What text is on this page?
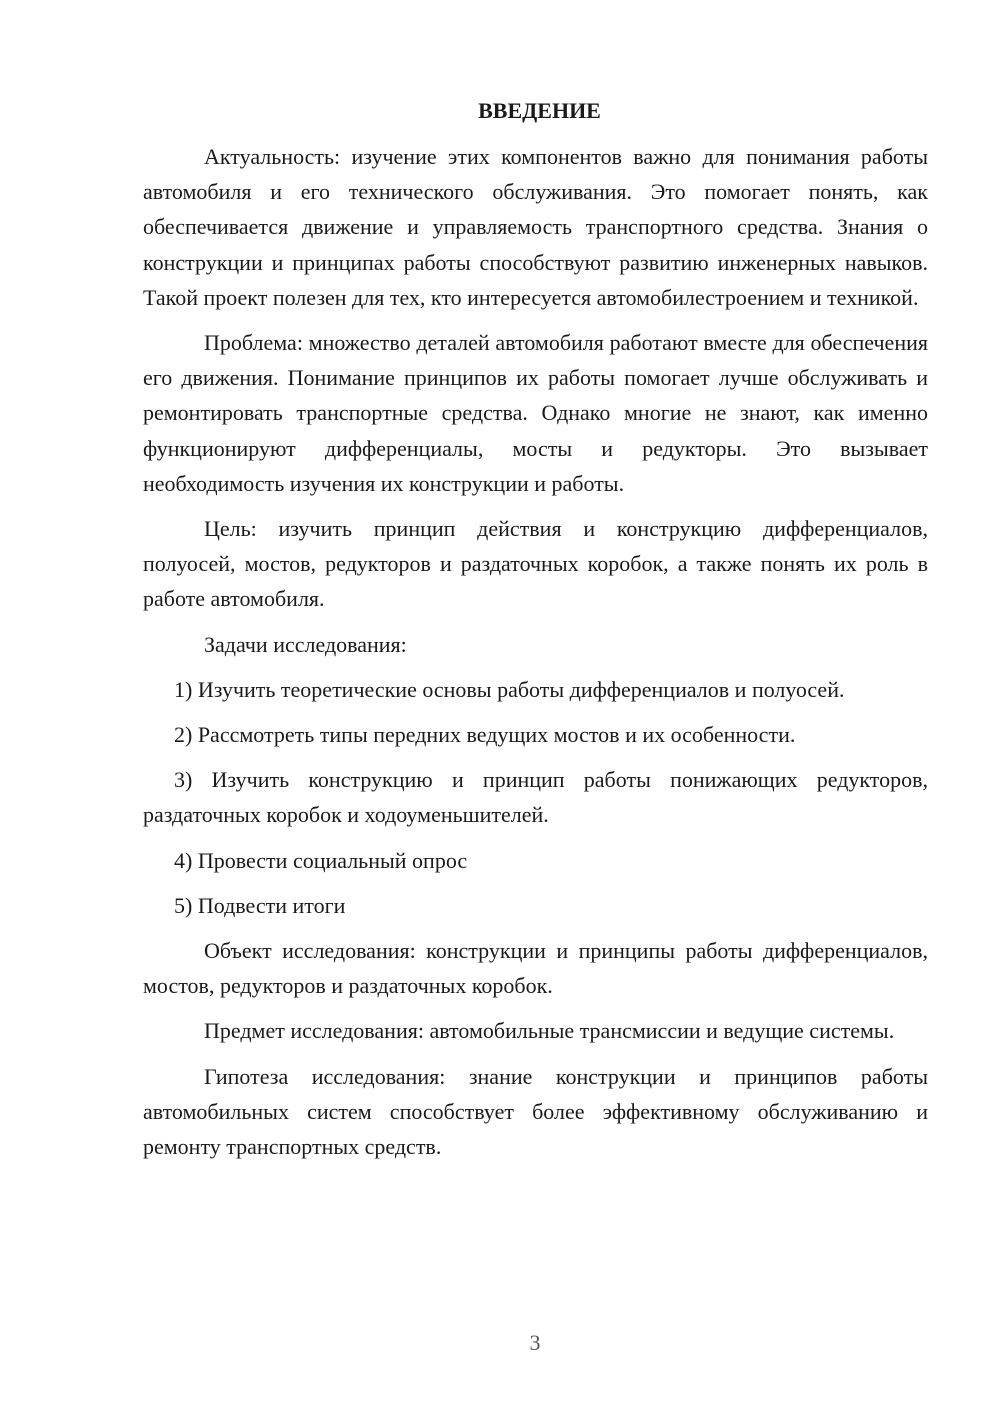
ВВЕДЕНИЕ

Актуальность: изучение этих компонентов важно для понимания работы автомобиля и его технического обслуживания. Это помогает понять, как обеспечивается движение и управляемость транспортного средства. Знания о конструкции и принципах работы способствуют развитию инженерных навыков. Такой проект полезен для тех, кто интересуется автомобилестроением и техникой.

Проблема: множество деталей автомобиля работают вместе для обеспечения его движения. Понимание принципов их работы помогает лучше обслуживать и ремонтировать транспортные средства. Однако многие не знают, как именно функционируют дифференциалы, мосты и редукторы. Это вызывает необходимость изучения их конструкции и работы.

Цель: изучить принцип действия и конструкцию дифференциалов, полуосей, мостов, редукторов и раздаточных коробок, а также понять их роль в работе автомобиля.

Задачи исследования:

1) Изучить теоретические основы работы дифференциалов и полуосей.

2) Рассмотреть типы передних ведущих мостов и их особенности.

3) Изучить конструкцию и принцип работы понижающих редукторов, раздаточных коробок и ходоуменьшителей.

4) Провести социальный опрос

5) Подвести итоги

Объект исследования: конструкции и принципы работы дифференциалов, мостов, редукторов и раздаточных коробок.

Предмет исследования: автомобильные трансмиссии и ведущие системы.

Гипотеза исследования: знание конструкции и принципов работы автомобильных систем способствует более эффективному обслуживанию и ремонту транспортных средств.

3
